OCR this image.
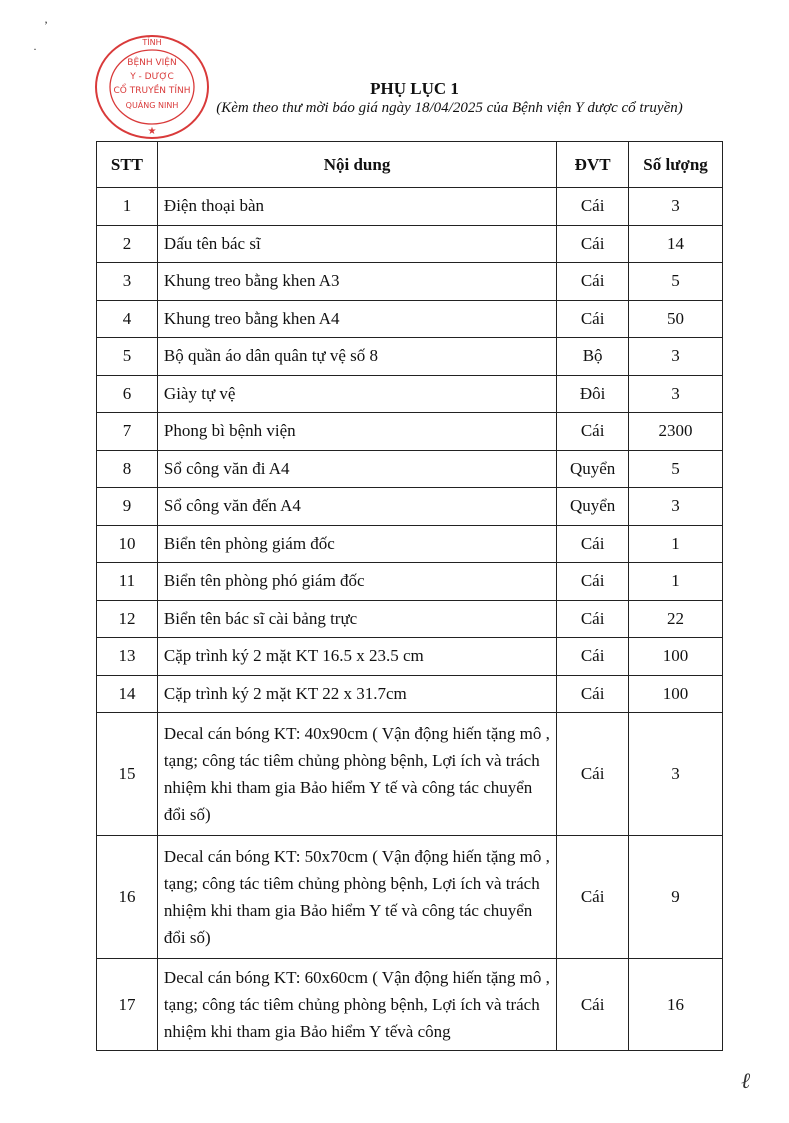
’
·	TỈNH
BỆNH VIỆN
Y - DƯỢC
CỔ TRUYỀN TỈNH
QUẢNG NINH
★
PHỤ LỤC 1
(Kèm theo thư mời báo giá ngày 18/04/2025 của Bệnh viện Y dược cổ truyền)
STT	Nội dung	ĐVT	Số lượng
1	Điện thoại bàn	Cái	3
2	Dấu tên bác sĩ	Cái	14
3	Khung treo bằng khen A3	Cái	5
4	Khung treo bằng khen A4	Cái	50
5	Bộ quần áo dân quân tự vệ số 8	Bộ	3
6	Giày tự vệ	Đôi	3
7	Phong bì bệnh viện	Cái	2300
8	Sổ công văn đi A4	Quyển	5
9	Sổ công văn đến A4	Quyển	3
10	Biển tên phòng giám đốc	Cái	1
11	Biển tên phòng phó giám đốc	Cái	1
12	Biển tên bác sĩ cài bảng trực	Cái	22
13	Cặp trình ký 2 mặt KT 16.5 x 23.5 cm	Cái	100
14	Cặp trình ký 2 mặt KT 22 x 31.7cm	Cái	100
15	Decal cán bóng KT: 40x90cm ( Vận động hiến tặng mô , tạng; công tác tiêm chủng phòng bệnh, Lợi ích và trách nhiệm khi tham gia Bảo hiểm Y tế và công tác chuyển đổi số)	Cái	3
16	Decal cán bóng KT: 50x70cm ( Vận động hiến tặng mô , tạng; công tác tiêm chủng phòng bệnh, Lợi ích và trách nhiệm khi tham gia Bảo hiểm Y tế và công tác chuyển đổi số)	Cái	9
17	Decal cán bóng KT: 60x60cm ( Vận động hiến tặng mô , tạng; công tác tiêm chủng phòng bệnh, Lợi ích và trách nhiệm khi tham gia Bảo hiểm Y tếvà công	Cái	16
ℓ
